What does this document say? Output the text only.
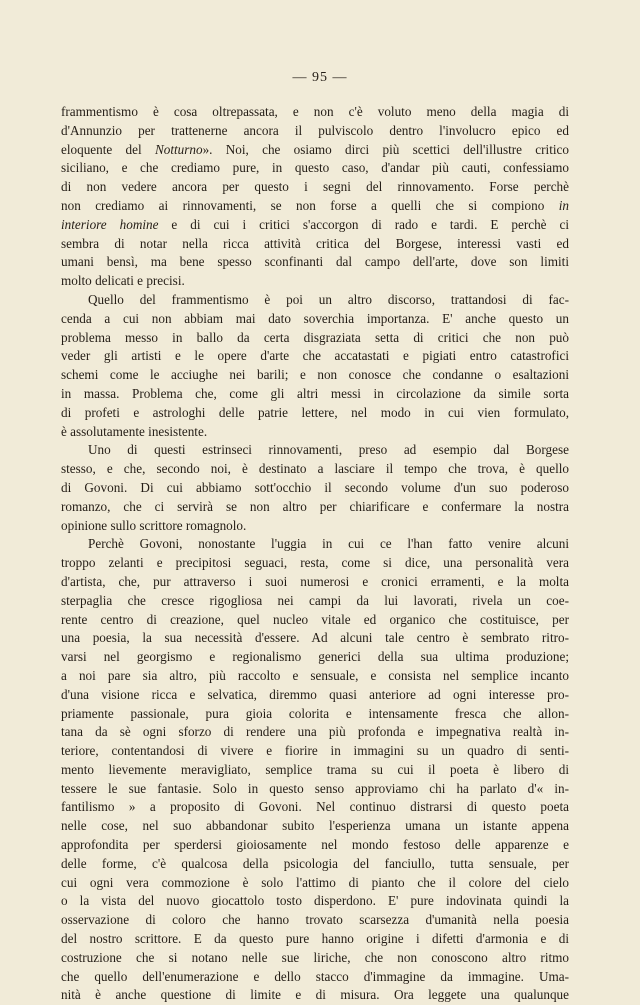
— 95 —
frammentismo è cosa oltrepassata, e non c'è voluto meno della magia di
d'Annunzio per trattenerne ancora il pulviscolo dentro l'involucro epico ed
eloquente del Notturno». Noi, che osiamo dirci più scettici dell'illustre critico
siciliano, e che crediamo pure, in questo caso, d'andar più cauti, confessiamo
di non vedere ancora per questo i segni del rinnovamento. Forse perchè
non crediamo ai rinnovamenti, se non forse a quelli che si compiono in
interiore homine e di cui i critici s'accorgon di rado e tardi. E perchè ci
sembra di notar nella ricca attività critica del Borgese, interessi vasti ed
umani bensì, ma bene spesso sconfinanti dal campo dell'arte, dove son limiti
molto delicati e precisi.
Quello del frammentismo è poi un altro discorso, trattandosi di fac-
cenda a cui non abbiam mai dato soverchia importanza. E' anche questo un
problema messo in ballo da certa disgraziata setta di critici che non può
veder gli artisti e le opere d'arte che accatastati e pigiati entro catastrofici
schemi come le acciughe nei barili; e non conosce che condanne o esaltazioni
in massa. Problema che, come gli altri messi in circolazione da simile sorta
di profeti e astrologhi delle patrie lettere, nel modo in cui vien formulato,
è assolutamente inesistente.
Uno di questi estrinseci rinnovamenti, preso ad esempio dal Borgese
stesso, e che, secondo noi, è destinato a lasciare il tempo che trova, è quello
di Govoni. Di cui abbiamo sott'occhio il secondo volume d'un suo poderoso
romanzo, che ci servirà se non altro per chiarificare e confermare la nostra
opinione sullo scrittore romagnolo.
Perchè Govoni, nonostante l'uggia in cui ce l'han fatto venire alcuni
troppo zelanti e precipitosi seguaci, resta, come si dice, una personalità vera
d'artista, che, pur attraverso i suoi numerosi e cronici erramenti, e la molta
sterpaglia che cresce rigogliosa nei campi da lui lavorati, rivela un coe-
rente centro di creazione, quel nucleo vitale ed organico che costituisce, per
una poesia, la sua necessità d'essere. Ad alcuni tale centro è sembrato ritro-
varsi nel georgismo e regionalismo generici della sua ultima produzione;
a noi pare sia altro, più raccolto e sensuale, e consista nel semplice incanto
d'una visione ricca e selvatica, diremmo quasi anteriore ad ogni interesse pro-
priamente passionale, pura gioia colorita e intensamente fresca che allon-
tana da sè ogni sforzo di rendere una più profonda e impegnativa realtà in-
teriore, contentandosi di vivere e fiorire in immagini su un quadro di senti-
mento lievemente meravigliato, semplice trama su cui il poeta è libero di
tessere le sue fantasie. Solo in questo senso approviamo chi ha parlato d'« in-
fantilismo » a proposito di Govoni. Nel continuo distrarsi di questo poeta
nelle cose, nel suo abbandonar subito l'esperienza umana un istante appena
approfondita per sperdersi gioiosamente nel mondo festoso delle apparenze e
delle forme, c'è qualcosa della psicologia del fanciullo, tutta sensuale, per
cui ogni vera commozione è solo l'attimo di pianto che il colore del cielo
o la vista del nuovo giocattolo tosto disperdono. E' pure indovinata quindi la
osservazione di coloro che hanno trovato scarsezza d'umanità nella poesia
del nostro scrittore. E da questo pure hanno origine i difetti d'armonia e di
costruzione che si notano nelle sue liriche, che non conoscono altro ritmo
che quello dell'enumerazione e dello stacco d'immagine da immagine. Uma-
nità è anche questione di limite e di misura. Ora leggete una qualunque
